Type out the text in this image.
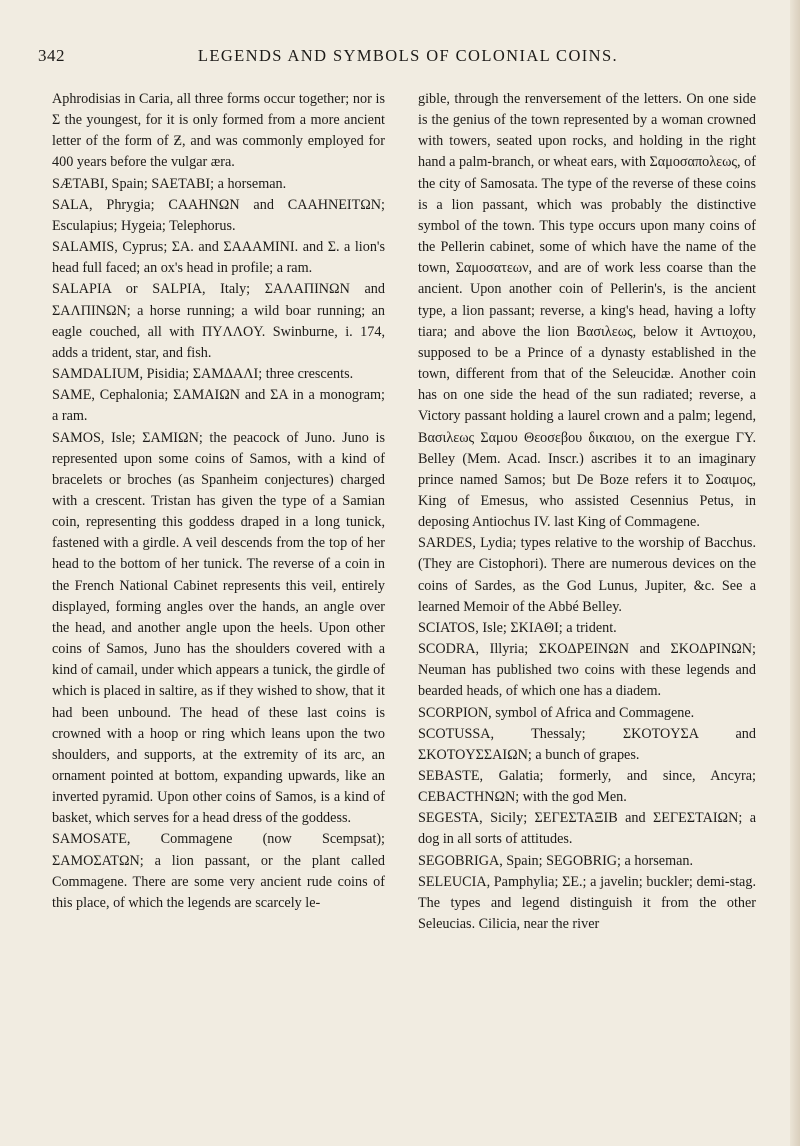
342	LEGENDS AND SYMBOLS OF COLONIAL COINS.

Aphrodisias in Caria, all three forms occur together; nor is Σ the youngest, for it is only formed from a more ancient letter of the form of Ƶ, and was commonly employed for 400 years before the vulgar æra.

SÆTABI, Spain; SAETABI; a horseman.

SALA, Phrygia; CAAHNΩN and CAAHNEITΩN; Esculapius; Hygeia; Telephorus.

SALAMIS, Cyprus; ΣA. and ΣAAAMINI. and Σ. a lion's head full faced; an ox's head in profile; a ram.

SALAPIA or SALPIA, Italy; ΣAΛAΠINΩN and ΣAΛΠINΩN; a horse running; a wild boar running; an eagle couched, all with ΠYΛΛOY. Swinburne, i. 174, adds a trident, star, and fish.

SAMDALIUM, Pisidia; ΣAMΔAΛI; three crescents.

SAME, Cephalonia; ΣAMAIΩN and ΣA in a monogram; a ram.

SAMOS, Isle; ΣAMIΩN; the peacock of Juno. Juno is represented upon some coins of Samos, with a kind of bracelets or broches (as Spanheim conjectures) charged with a crescent. Tristan has given the type of a Samian coin, representing this goddess draped in a long tunick, fastened with a girdle. A veil descends from the top of her head to the bottom of her tunick. The reverse of a coin in the French National Cabinet represents this veil, entirely displayed, forming angles over the hands, an angle over the head, and another angle upon the heels. Upon other coins of Samos, Juno has the shoulders covered with a kind of camail, under which appears a tunick, the girdle of which is placed in saltire, as if they wished to show, that it had been unbound. The head of these last coins is crowned with a hoop or ring which leans upon the two shoulders, and supports, at the extremity of its arc, an ornament pointed at bottom, expanding upwards, like an inverted pyramid. Upon other coins of Samos, is a kind of basket, which serves for a head dress of the goddess.

SAMOSATE, Commagene (now Scempsat); ΣAMOΣATΩN; a lion passant, or the plant called Commagene. There are some very ancient rude coins of this place, of which the legends are scarcely le-

gible, through the renversement of the letters. On one side is the genius of the town represented by a woman crowned with towers, seated upon rocks, and holding in the right hand a palm-branch, or wheat ears, with Σαμοσαπολεως, of the city of Samosata. The type of the reverse of these coins is a lion passant, which was probably the distinctive symbol of the town. This type occurs upon many coins of the Pellerin cabinet, some of which have the name of the town, Σαμοσατεων, and are of work less coarse than the ancient. Upon another coin of Pellerin's, is the ancient type, a lion passant; reverse, a king's head, having a lofty tiara; and above the lion Βασιλεως, below it Αντιοχου, supposed to be a Prince of a dynasty established in the town, different from that of the Seleucidæ. Another coin has on one side the head of the sun radiated; reverse, a Victory passant holding a laurel crown and a palm; legend, Βασιλεως Σαμου Θεοσεβου δικαιου, on the exergue ΓΥ. Belley (Mem. Acad. Inscr.) ascribes it to an imaginary prince named Samos; but De Boze refers it to Σοαιμος, King of Emesus, who assisted Cesennius Petus, in deposing Antiochus IV. last King of Commagene.

SARDES, Lydia; types relative to the worship of Bacchus. (They are Cistophori). There are numerous devices on the coins of Sardes, as the God Lunus, Jupiter, &c. See a learned Memoir of the Abbé Belley.

SCIATOS, Isle; ΣKIAΘI; a trident.

SCODRA, Illyria; ΣKOΔPEINΩN and ΣKOΔPINΩN; Neuman has published two coins with these legends and bearded heads, of which one has a diadem.

SCORPION, symbol of Africa and Commagene.

SCOTUSSA, Thessaly; ΣKOTOYΣA and ΣKOTOYΣΣAIΩN; a bunch of grapes.

SEBASTE, Galatia; formerly, and since, Ancyra; CEBACTHNΩN; with the god Men.

SEGESTA, Sicily; ΣEΓEΣTAΞIB and ΣEΓEΣTAIΩN; a dog in all sorts of attitudes.

SEGOBRIGA, Spain; SEGOBRIG; a horseman.

SELEUCIA, Pamphylia; ΣE.; a javelin; buckler; demi-stag. The types and legend distinguish it from the other Seleucias. Cilicia, near the river
